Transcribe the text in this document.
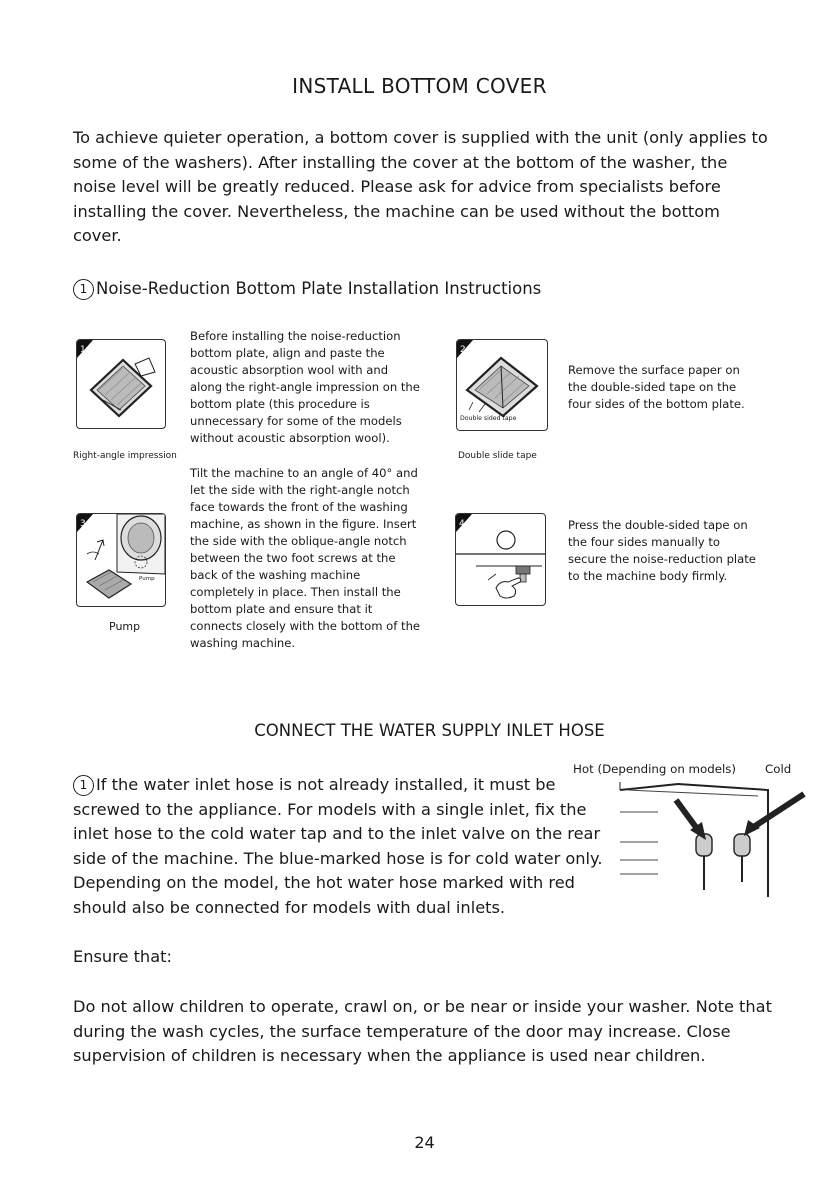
INSTALL BOTTOM COVER

To achieve quieter operation, a bottom cover is supplied with the unit (only applies to some of the washers). After installing the cover at the bottom of the washer, the noise level will be greatly reduced. Please ask for advice from specialists before installing the cover. Nevertheless, the machine can be used without the bottom cover.

1 Noise-Reduction Bottom Plate Installation Instructions
1
Right-angle impression

Before installing the noise-reduction bottom plate, align and paste the acoustic absorption wool with and along the right-angle impression on the bottom plate (this procedure is unnecessary for some of the models without acoustic absorption wool).

2
Double sided tape
Double slide tape

Remove the surface paper on the double-sided tape on the four sides of the bottom plate.

3
Pump
Pump

Tilt the machine to an angle of 40° and let the side with the right-angle notch face towards the front of the washing machine, as shown in the figure. Insert the side with the oblique-angle notch between the two foot screws at the back of the washing machine completely in place. Then install the bottom plate and ensure that it connects closely with the bottom of the washing machine.

4	Press the double-sided tape on the four sides manually to secure the noise-reduction plate to the machine body firmly.

CONNECT THE WATER SUPPLY INLET HOSE

1 If the water inlet hose is not already installed, it must be screwed to the appliance. For models with a single inlet, fix the inlet hose to the cold water tap and to the inlet valve on the rear side of the machine. The blue-marked hose is for cold water only. Depending on the model, the hot water hose marked with red should also be connected for models with dual inlets.

Hot (Depending on models) Cold
Ensure that:

Do not allow children to operate, crawl on, or be near or inside your washer. Note that during the wash cycles, the surface temperature of the door may increase. Close supervision of children is necessary when the appliance is used near children.

24
